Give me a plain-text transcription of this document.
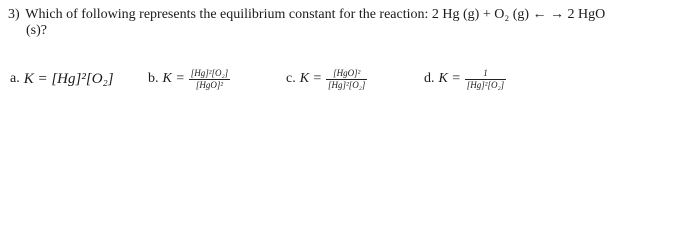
3) Which of following represents the equilibrium constant for the reaction: 2 Hg (g) + O₂ (g) ← → 2 HgO
(s)?
a. K = [Hg]²[O₂] b. $K = \frac{\text{[Hg]²[O₂]}}{\text{[HgO]²}}$	c. $K = \frac{\text{[HgO]²}}{\text{[Hg]²[O₂]}}$	d. $K = \frac{1}{\text{[Hg]²[O₂]}}$
